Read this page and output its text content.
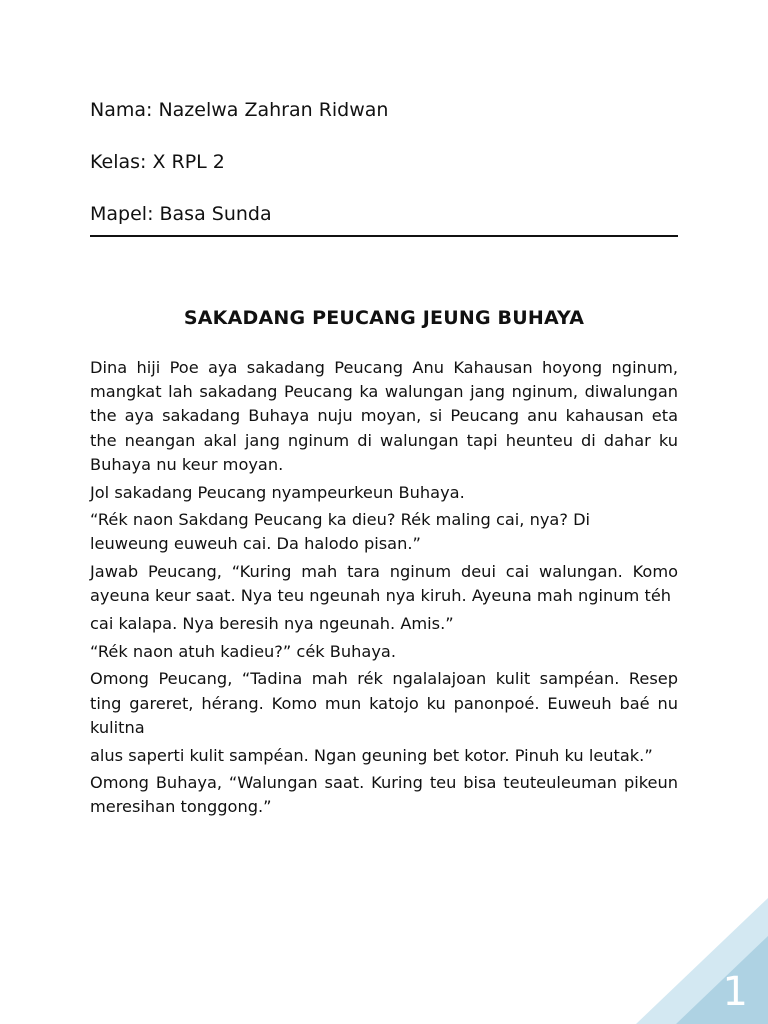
Nama: Nazelwa Zahran Ridwan
Kelas: X RPL 2
Mapel: Basa Sunda
SAKADANG PEUCANG JEUNG BUHAYA

Dina hiji Poe aya sakadang Peucang Anu Kahausan hoyong nginum, mangkat lah sakadang Peucang ka walungan jang nginum, diwalungan the aya sakadang Buhaya nuju moyan, si Peucang anu kahausan eta the neangan akal jang nginum di walungan tapi heunteu di dahar ku Buhaya nu keur moyan.

Jol sakadang Peucang nyampeurkeun Buhaya.

“Rék naon Sakdang Peucang ka dieu? Rék maling cai, nya? Di

leuweung euweuh cai. Da halodo pisan.”

Jawab Peucang, “Kuring mah tara nginum deui cai walungan. Komo ayeuna keur saat. Nya teu ngeunah nya kiruh. Ayeuna mah nginum téh

cai kalapa. Nya beresih nya ngeunah. Amis.”

“Rék naon atuh kadieu?” cék Buhaya.

Omong Peucang, “Tadina mah rék ngalalajoan kulit sampéan. Resep ting gareret, hérang. Komo mun katojo ku panonpoé. Euweuh baé nu kulitna

alus saperti kulit sampéan. Ngan geuning bet kotor. Pinuh ku leutak.”

Omong Buhaya, “Walungan saat. Kuring teu bisa teuteuleuman pikeun meresihan tonggong.”

1
